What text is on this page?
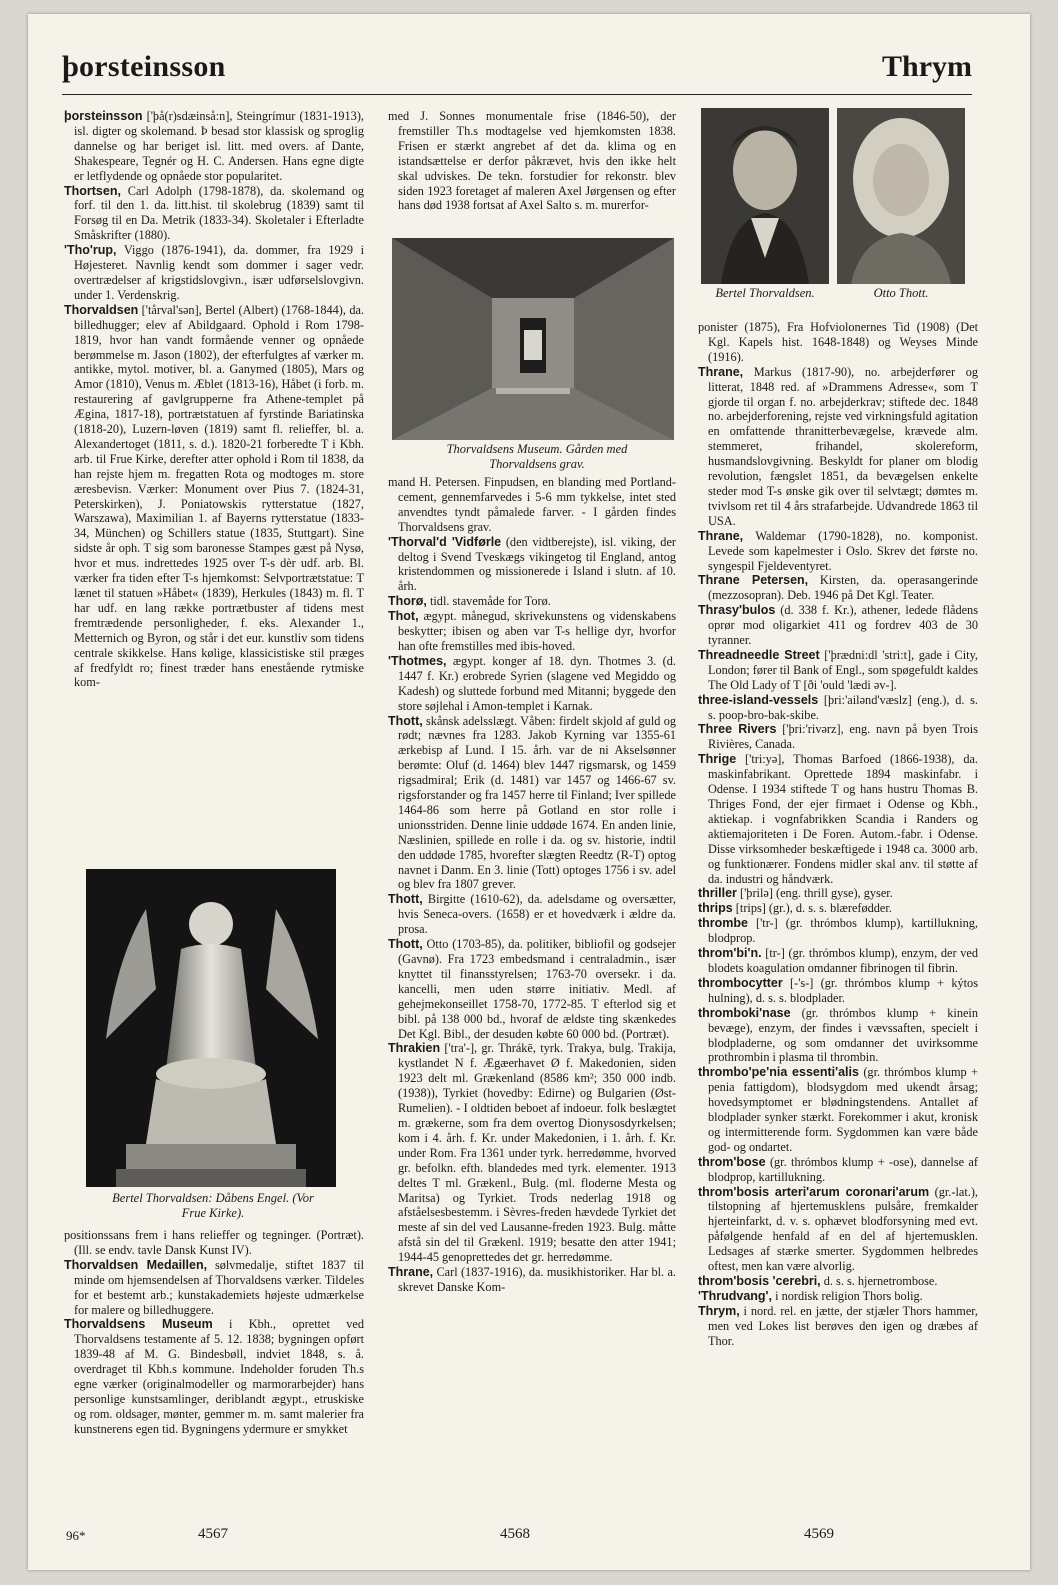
þorsteinsson	Thrym
þorsteinsson ['þå(r)sdæinså:n], Steingrímur (1831-1913), isl. digter og skolemand. Þ besad stor klassisk og sproglig dannelse og har beriget isl. litt. med overs. af Dante, Shakespeare, Tegnér og H. C. Andersen. Hans egne digte er letflydende og opnåede stor popularitet.
Thortsen, Carl Adolph (1798-1878), da. skolemand og forf. til den 1. da. litt.hist. til skolebrug (1839) samt til Forsøg til en Da. Metrik (1833-34). Skoletaler i Efterladte Småskrifter (1880).
'Tho'rup, Viggo (1876-1941), da. dommer, fra 1929 i Højesteret. Navnlig kendt som dommer i sager vedr. overtrædelser af krigstidslovgivn., især udførselslovgivn. under 1. Verdenskrig.
Thorvaldsen ['tårval'sən], Bertel (Albert) (1768-1844), da. billedhugger; elev af Abildgaard. Ophold i Rom 1798-1819, hvor han vandt formående venner og opnåede berømmelse m. Jason (1802), der efterfulgtes af værker m. antikke, mytol. motiver, bl. a. Ganymed (1805), Mars og Amor (1810), Venus m. Æblet (1813-16), Håbet (i forb. m. restaurering af gavlgrupperne fra Athene-templet på Ægina, 1817-18), portrætstatuen af fyrstinde Bariatinska (1818-20), Luzern-løven (1819) samt fl. relieffer, bl. a. Alexandertoget (1811, s. d.). 1820-21 forberedte T i Kbh. arb. til Frue Kirke, derefter atter ophold i Rom til 1838, da han rejste hjem m. fregatten Rota og modtoges m. store æresbevisn. Værker: Monument over Pius 7. (1824-31, Peterskirken), J. Poniatowskis rytterstatue (1827, Warszawa), Maximilian 1. af Bayerns rytterstatue (1833-34, München) og Schillers statue (1835, Stuttgart). Sine sidste år oph. T sig som baronesse Stampes gæst på Nysø, hvor et mus. indrettedes 1925 over T-s dèr udf. arb. Bl. værker fra tiden efter T-s hjemkomst: Selvportrætstatue: T lænet til statuen »Håbet« (1839), Herkules (1843) m. fl. T har udf. en lang række portrætbuster af tidens mest fremtrædende personligheder, f. eks. Alexander 1., Metternich og Byron, og står i det eur. kunstliv som tidens centrale skikkelse. Hans kølige, klassicistiske stil præges af fredfyldt ro; finest træder hans enestående rytmiske kom-
Bertel Thorvaldsen: Dåbens Engel. (Vor Frue Kirke).
positionssans frem i hans relieffer og tegninger. (Portræt). (Ill. se endv. tavle Dansk Kunst IV).
Thorvaldsen Medaillen, sølvmedalje, stiftet 1837 til minde om hjemsendelsen af Thorvaldsens værker. Tildeles for et bestemt arb.; kunstakademiets højeste udmærkelse for malere og billedhuggere.
Thorvaldsens Museum i Kbh., oprettet ved Thorvaldsens testamente af 5. 12. 1838; bygningen opført 1839-48 af M. G. Bindesbøll, indviet 1848, s. å. overdraget til Kbh.s kommune. Indeholder foruden Th.s egne værker (originalmodeller og marmorarbejder) hans personlige kunstsamlinger, deriblandt ægypt., etruskiske og rom. oldsager, mønter, gemmer m. m. samt malerier fra kunstnerens egen tid. Bygningens ydermure er smykket
med J. Sonnes monumentale frise (1846-50), der fremstiller Th.s modtagelse ved hjemkomsten 1838. Frisen er stærkt angrebet af det da. klima og en istandsættelse er derfor påkrævet, hvis den ikke helt skal udviskes. De tekn. forstudier for rekonstr. blev siden 1923 foretaget af maleren Axel Jørgensen og efter hans død 1938 fortsat af Axel Salto s. m. murerfor-
Thorvaldsens Museum. Gården med Thorvaldsens grav.
mand H. Petersen. Finpudsen, en blanding med Portland-cement, gennemfarvedes i 5-6 mm tykkelse, intet sted anvendtes tyndt påmalede farver. - I gården findes Thorvaldsens grav.
'Thorval'd 'Vidførle (den vidtberejste), isl. viking, der deltog i Svend Tveskægs vikingetog til England, antog kristendommen og missionerede i Island i slutn. af 10. årh.
Thorø, tidl. stavemåde for Torø.
Thot, ægypt. månegud, skrivekunstens og videnskabens beskytter; ibisen og aben var T-s hellige dyr, hvorfor han ofte fremstilles med ibis-hoved.
'Thotmes, ægypt. konger af 18. dyn. Thotmes 3. (d. 1447 f. Kr.) erobrede Syrien (slagene ved Megiddo og Kadesh) og sluttede forbund med Mitanni; byggede den store søjlehal i Amon-templet i Karnak.
Thott, skånsk adelsslægt. Våben: firdelt skjold af guld og rødt; nævnes fra 1283. Jakob Kyrning var 1355-61 ærkebisp af Lund. I 15. årh. var de ni Akselsønner berømte: Oluf (d. 1464) blev 1447 rigsmarsk, og 1459 rigsadmiral; Erik (d. 1481) var 1457 og 1466-67 sv. rigsforstander og fra 1457 herre til Finland; Iver spillede 1464-86 som herre på Gotland en stor rolle i unionsstriden. Denne linie uddøde 1674. En anden linie, Næslinien, spillede en rolle i da. og sv. historie, indtil den uddøde 1785, hvorefter slægten Reedtz (R-T) optog navnet i Danm. En 3. linie (Tott) optoges 1756 i sv. adel og blev fra 1807 grever.
Thott, Birgitte (1610-62), da. adelsdame og oversætter, hvis Seneca-overs. (1658) er et hovedværk i ældre da. prosa.
Thott, Otto (1703-85), da. politiker, bibliofil og godsejer (Gavnø). Fra 1723 embedsmand i centraladmin., især knyttet til finansstyrelsen; 1763-70 oversekr. i da. kancelli, men uden større initiativ. Medl. af gehejmekonseillet 1758-70, 1772-85. T efterlod sig et bibl. på 138 000 bd., hvoraf de ældste ting skænkedes Det Kgl. Bibl., der desuden købte 60 000 bd. (Portræt).
Thrakien ['tra'-], gr. Thrákē, tyrk. Trakya, bulg. Trakija, kystlandet N f. Ægæerhavet Ø f. Makedonien, siden 1923 delt ml. Grækenland (8586 km²; 350 000 indb. (1938)), Tyrkiet (hovedby: Edirne) og Bulgarien (Øst-Rumelien). - I oldtiden beboet af indoeur. folk beslægtet m. grækerne, som fra dem overtog Dionysosdyrkelsen; kom i 4. årh. f. Kr. under Makedonien, i 1. årh. f. Kr. under Rom. Fra 1361 under tyrk. herredømme, hvorved gr. befolkn. efth. blandedes med tyrk. elementer. 1913 deltes T ml. Grækenl., Bulg. (ml. floderne Mesta og Maritsa) og Tyrkiet. Trods nederlag 1918 og afståelsesbestemm. i Sèvres-freden hævdede Tyrkiet det meste af sin del ved Lausanne-freden 1923. Bulg. måtte afstå sin del til Grækenl. 1919; besatte den atter 1941; 1944-45 genoprettedes det gr. herredømme.
Thrane, Carl (1837-1916), da. musikhistoriker. Har bl. a. skrevet Danske Kom-
Bertel Thorvaldsen.	Otto Thott.
ponister (1875), Fra Hofviolonernes Tid (1908) (Det Kgl. Kapels hist. 1648-1848) og Weyses Minde (1916).
Thrane, Markus (1817-90), no. arbejderfører og litterat, 1848 red. af »Drammens Adresse«, som T gjorde til organ f. no. arbejderkrav; stiftede dec. 1848 no. arbejderforening, rejste ved virkningsfuld agitation en omfattende thranitterbevægelse, krævede alm. stemmeret, frihandel, skolereform, husmandslovgivning. Beskyldt for planer om blodig revolution, fængslet 1851, da bevægelsen enkelte steder mod T-s ønske gik over til selvtægt; dømtes m. tvivlsom ret til 4 års strafarbejde. Udvandrede 1863 til USA.
Thrane, Waldemar (1790-1828), no. komponist. Levede som kapelmester i Oslo. Skrev det første no. syngespil Fjeldeventyret.
Thrane Petersen, Kirsten, da. operasangerinde (mezzosopran). Deb. 1946 på Det Kgl. Teater.
Thrasy'bulos (d. 338 f. Kr.), athener, ledede flådens oprør mod oligarkiet 411 og fordrev 403 de 30 tyranner.
Threadneedle Street ['þrædni:dl 'stri:t], gade i City, London; fører til Bank of Engl., som spøgefuldt kaldes The Old Lady of T [ði 'ould 'lædi əv-].
three-island-vessels [þri:'ailənd'væslz] (eng.), d. s. s. poop-bro-bak-skibe.
Three Rivers ['þri:'rivərz], eng. navn på byen Trois Rivières, Canada.
Thrige ['tri:yə], Thomas Barfoed (1866-1938), da. maskinfabrikant. Oprettede 1894 maskinfabr. i Odense. I 1934 stiftede T og hans hustru Thomas B. Thriges Fond, der ejer firmaet i Odense og Kbh., aktiekap. i vognfabrikken Scandia i Randers og aktiemajoriteten i De Foren. Autom.-fabr. i Odense. Disse virksomheder beskæftigede i 1948 ca. 3000 arb. og funktionærer. Fondens midler skal anv. til støtte af da. industri og håndværk.
thriller ['þrilə] (eng. thrill gyse), gyser.
thrips [trips] (gr.), d. s. s. blærefødder.
thrombe ['tr-] (gr. thrómbos klump), kartillukning, blodprop.
throm'bi'n. [tr-] (gr. thrómbos klump), enzym, der ved blodets koagulation omdanner fibrinogen til fibrin.
thrombocytter [-'s-] (gr. thrómbos klump + kýtos hulning), d. s. s. blodplader.
thromboki'nase (gr. thrómbos klump + kinein bevæge), enzym, der findes i vævssaften, specielt i blodpladerne, og som omdanner det uvirksomme prothrombin i plasma til thrombin.
thrombo'pe'nia essenti'alis (gr. thrómbos klump + penia fattigdom), blodsygdom med ukendt årsag; hovedsymptomet er blødningstendens. Antallet af blodplader synker stærkt. Forekommer i akut, kronisk og intermitterende form. Sygdommen kan være både god- og ondartet.
throm'bose (gr. thrómbos klump + -ose), dannelse af blodprop, kartillukning.
throm'bosis arteri'arum coronari'arum (gr.-lat.), tilstopning af hjertemusklens pulsåre, fremkalder hjerteinfarkt, d. v. s. ophævet blodforsyning med evt. påfølgende henfald af en del af hjertemusklen. Ledsages af stærke smerter. Sygdommen helbredes oftest, men kan være alvorlig.
throm'bosis 'cerebri, d. s. s. hjernetrombose.
'Thrudvang', i nordisk religion Thors bolig.
Thrym, i nord. rel. en jætte, der stjæler Thors hammer, men ved Lokes list berøves den igen og dræbes af Thor.
96*	4567	4568	4569
